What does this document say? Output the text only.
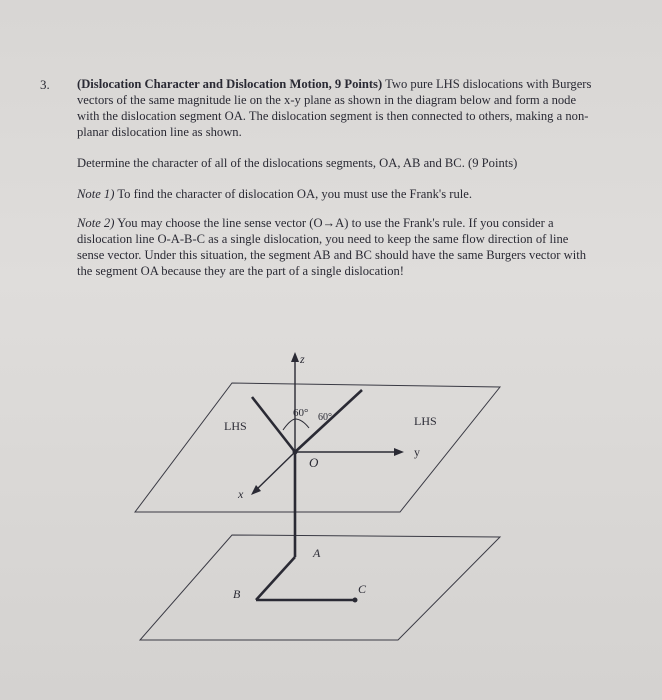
3. (Dislocation Character and Dislocation Motion, 9 Points) Two pure LHS dislocations with Burgers vectors of the same magnitude lie on the x-y plane as shown in the diagram below and form a node with the dislocation segment OA. The dislocation segment is then connected to others, making a non-planar dislocation line as shown.

Determine the character of all of the dislocations segments, OA, AB and BC. (9 Points)

Note 1) To find the character of dislocation OA, you must use the Frank's rule.

Note 2) You may choose the line sense vector (O→A) to use the Frank's rule. If you consider a dislocation line O-A-B-C as a single dislocation, you need to keep the same flow direction of line sense vector. Under this situation, the segment AB and BC should have the same Burgers vector with the segment OA because they are the part of a single dislocation!

z
60° 60°
LHS	LHS
y
O
x
A
C
B
